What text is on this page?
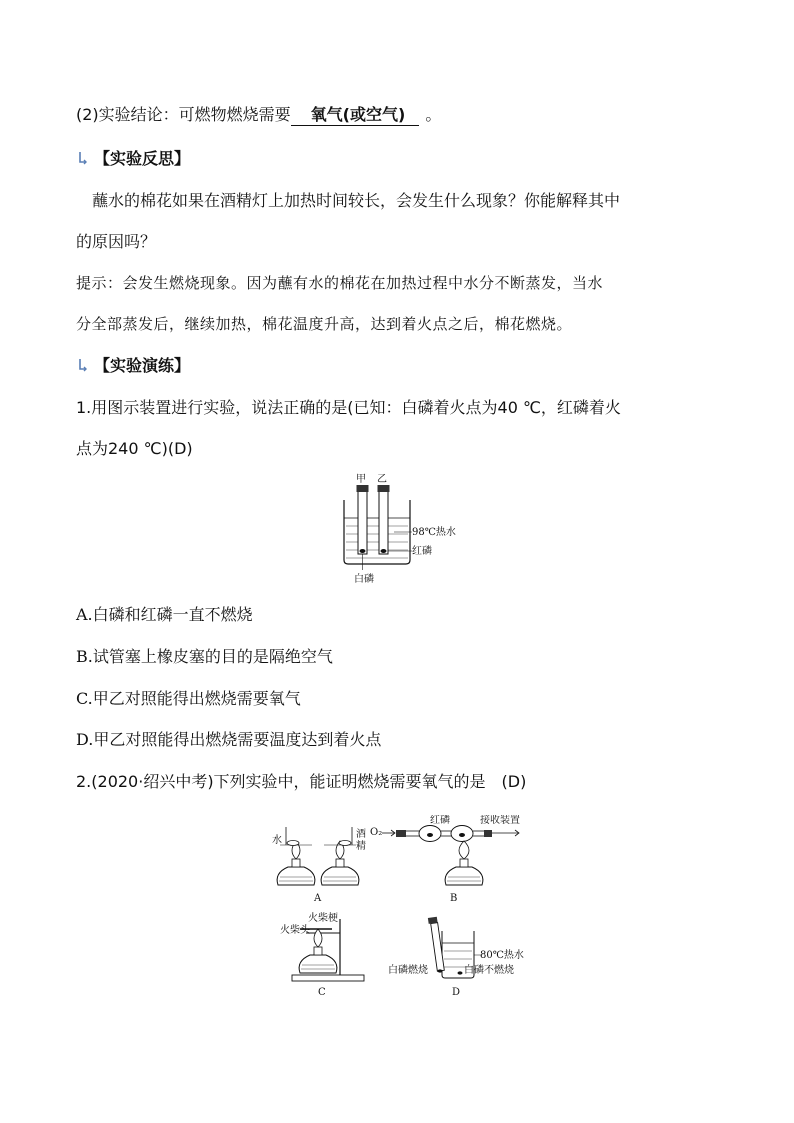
(2)实验结论：可燃物燃烧需要 氧气(或空气) 。
【实验反思】
蘸水的棉花如果在酒精灯上加热时间较长，会发生什么现象？你能解释其中
的原因吗？
提示：会发生燃烧现象。因为蘸有水的棉花在加热过程中水分不断蒸发，当水
分全部蒸发后，继续加热，棉花温度升高，达到着火点之后，棉花燃烧。
【实验演练】
1.用图示装置进行实验，说法正确的是(已知：白磷着火点为40 ℃，红磷着火
点为240 ℃)(D)
甲 乙
98℃热水
红磷
白磷
A.白磷和红磷一直不燃烧
B.试管塞上橡皮塞的目的是隔绝空气
C.甲乙对照能得出燃烧需要氧气
D.甲乙对照能得出燃烧需要温度达到着火点
2.(2020·绍兴中考)下列实验中，能证明燃烧需要氧气的是　(D)
水
酒
精
A
O₂
红磷	接收装置
B
火柴梗
火柴头
C
80℃热水
白磷燃烧	白磷不燃烧
D
